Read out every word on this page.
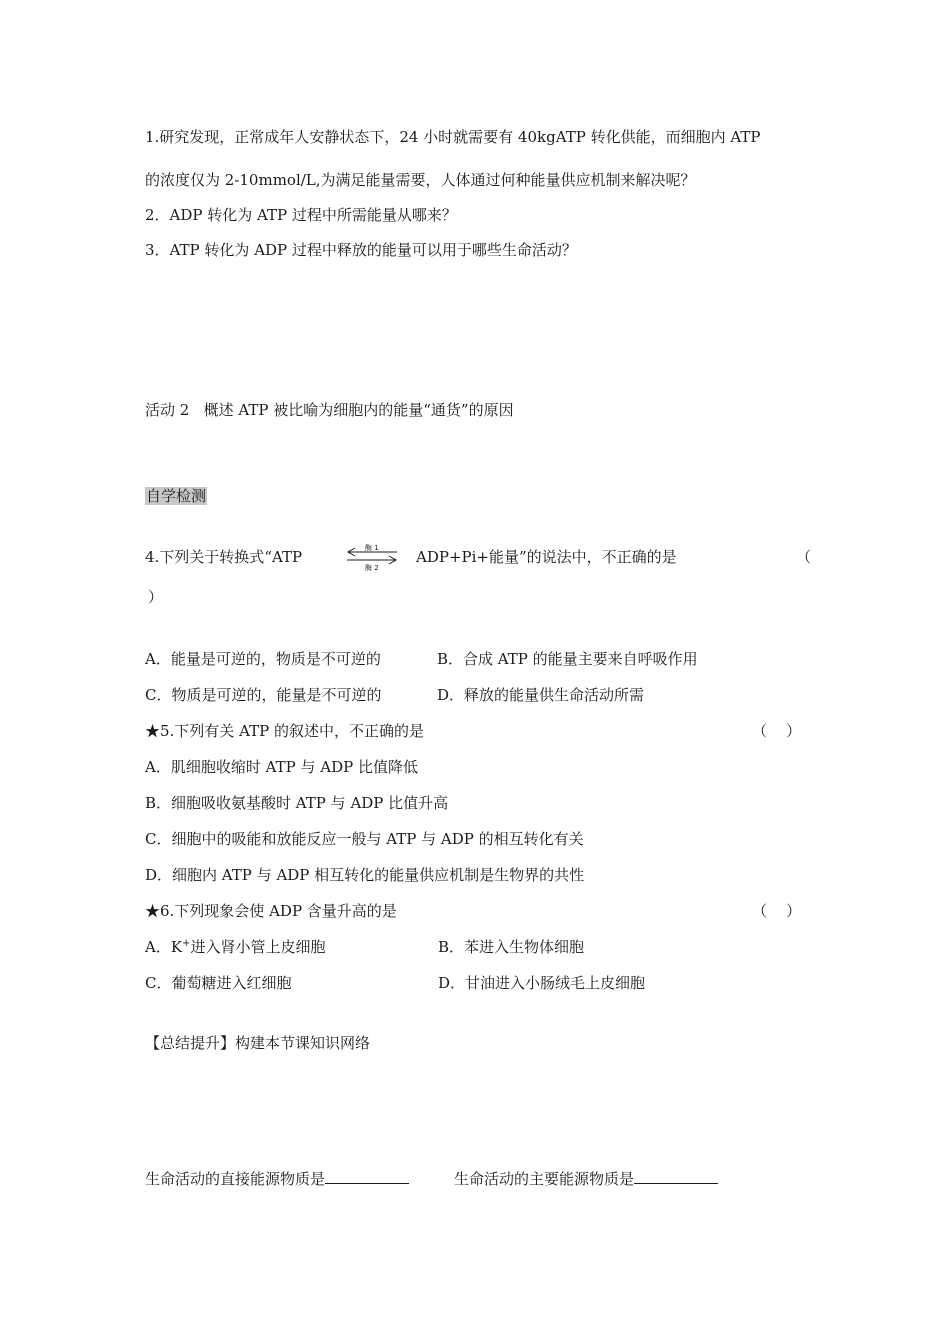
1.研究发现，正常成年人安静状态下，24 小时就需要有 40kgATP 转化供能，而细胞内 ATP
的浓度仅为 2-10mmol/L,为满足能量需要，人体通过何种能量供应机制来解决呢？
2．ADP 转化为 ATP 过程中所需能量从哪来？
3．ATP 转化为 ADP 过程中释放的能量可以用于哪些生命活动？
活动 2   概述 ATP 被比喻为细胞内的能量“通货”的原因
自学检测
4.下列关于转换式“ATP	酶 1
酶 2
ADP+Pi+能量”的说法中，不正确的是	（
）
A．能量是可逆的，物质是不可逆的	B．合成 ATP 的能量主要来自呼吸作用
C．物质是可逆的，能量是不可逆的	D．释放的能量供生命活动所需
★5.下列有关 ATP 的叙述中，不正确的是	（    ）
A．肌细胞收缩时 ATP 与 ADP 比值降低
B．细胞吸收氨基酸时 ATP 与 ADP 比值升高
C．细胞中的吸能和放能反应一般与 ATP 与 ADP 的相互转化有关
D．细胞内 ATP 与 ADP 相互转化的能量供应机制是生物界的共性
★6.下列现象会使 ADP 含量升高的是	（    ）
A．K+进入肾小管上皮细胞	B．苯进入生物体细胞
C．葡萄糖进入红细胞	D．甘油进入小肠绒毛上皮细胞
【总结提升】构建本节课知识网络
生命活动的直接能源物质是	生命活动的主要能源物质是
